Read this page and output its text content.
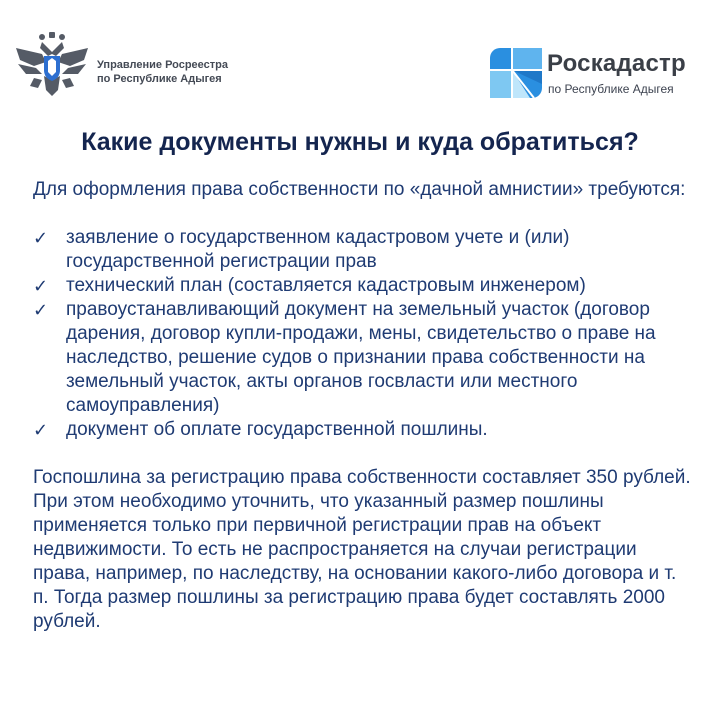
Управление Росреестра
по Республике Адыгея
Роскадастр
по Республике Адыгея
Какие документы нужны и куда обратиться?

Для оформления права собственности по «дачной амнистии» требуются:

✓ заявление о государственном кадастровом учете и (или) государственной регистрации прав
✓ технический план (составляется кадастровым инженером)
✓ правоустанавливающий документ на земельный участок (договор дарения, договор купли-продажи, мены, свидетельство о праве на наследство, решение судов о признании права собственности на земельный участок, акты органов госвласти или местного самоуправления)
✓ документ об оплате государственной пошлины.

Госпошлина за регистрацию права собственности составляет 350 рублей. При этом необходимо уточнить, что указанный размер пошлины применяется только при первичной регистрации прав на объект недвижимости. То есть не распространяется на случаи регистрации права, например, по наследству, на основании какого-либо договора и т. п. Тогда размер пошлины за регистрацию права будет составлять 2000 рублей.
